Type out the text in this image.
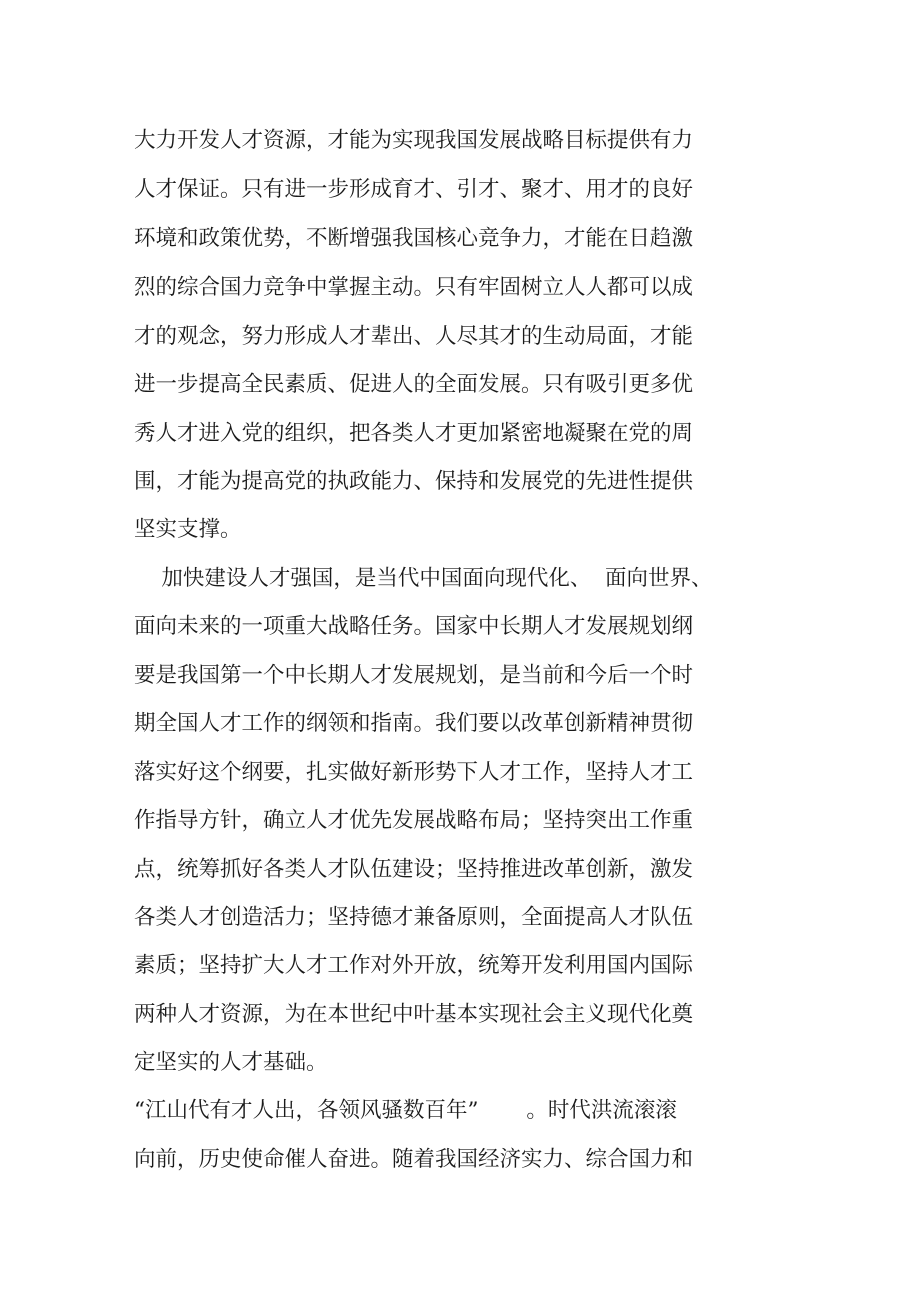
大力开发人才资源，才能为实现我国发展战略目标提供有力
人才保证。只有进一步形成育才、引才、聚才、用才的良好
环境和政策优势，不断增强我国核心竞争力，才能在日趋激
烈的综合国力竞争中掌握主动。只有牢固树立人人都可以成
才的观念，努力形成人才辈出、人尽其才的生动局面，才能
进一步提高全民素质、促进人的全面发展。只有吸引更多优
秀人才进入党的组织，把各类人才更加紧密地凝聚在党的周
围，才能为提高党的执政能力、保持和发展党的先进性提供
坚实支撑。
加快建设人才强国，是当代中国面向现代化、  面向世界、
面向未来的一项重大战略任务。国家中长期人才发展规划纲
要是我国第一个中长期人才发展规划，是当前和今后一个时
期全国人才工作的纲领和指南。我们要以改革创新精神贯彻
落实好这个纲要，扎实做好新形势下人才工作，坚持人才工
作指导方针，确立人才优先发展战略布局；坚持突出工作重
点，统筹抓好各类人才队伍建设；坚持推进改革创新，激发
各类人才创造活力；坚持德才兼备原则，全面提高人才队伍
素质；坚持扩大人才工作对外开放，统筹开发利用国内国际
两种人才资源，为在本世纪中叶基本实现社会主义现代化奠
定坚实的人才基础。
“江山代有才人出，各领风骚数百年”       。时代洪流滚滚
向前，历史使命催人奋进。随着我国经济实力、综合国力和
